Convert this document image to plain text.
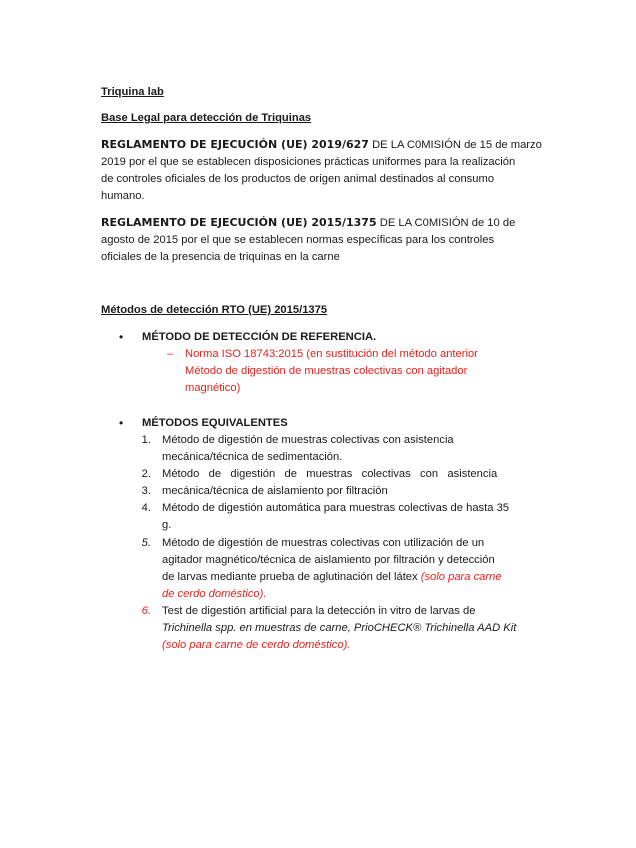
Triquina lab
Base Legal para detección de Triquinas
REGLAMENTO DE EJECUCIÓN (UE) 2019/627 DE LA C0MISIÓN de 15 de marzo
2019 por el que se establecen disposiciones prácticas uniformes para la realización
de controles oficiales de los productos de origen animal destinados al consumo
humano.
REGLAMENTO DE EJECUCIÓN (UE) 2015/1375 DE LA C0MISIÓN de 10 de
agosto de 2015 por el que se establecen normas específicas para los controles
oficiales de la presencia de triquinas en la carne
Métodos de detección RTO (UE) 2015/1375
• MÉTODO DE DETECCIÓN DE REFERENCIA.
– Norma ISO 18743:2015 (en sustitución del método anterior
Método de digestión de muestras colectivas con agitador
magnético)
• MÉTODOS EQUIVALENTES
1. Método de digestión de muestras colectivas con asistencia
mecánica/técnica de sedimentación.
2. Método   de   digestión   de   muestras   colectivas   con   asistencia
3. mecánica/técnica de aislamiento por filtración
4. Método de digestión automática para muestras colectivas de hasta 35
g.
5. Método de digestión de muestras colectivas con utilización de un
agitador magnético/técnica de aislamiento por filtración y detección
de larvas mediante prueba de aglutinación del látex (solo para carne
de cerdo doméstico).
6. Test de digestión artificial para la detección in vitro de larvas de
Trichinella spp. en muestras de carne, PrioCHECK® Trichinella AAD Kit
(solo para carne de cerdo doméstico).
